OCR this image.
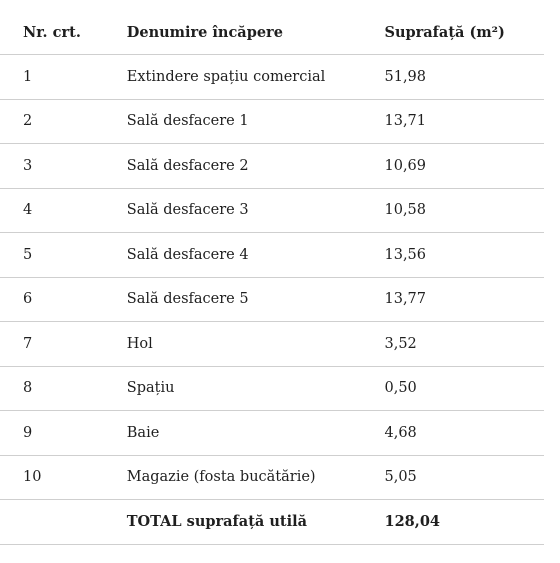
Nr. crt.	Denumire încăpere	Suprafață (m²)
1	Extindere spațiu comercial	51,98
2	Sală desfacere 1	13,71
3	Sală desfacere 2	10,69
4	Sală desfacere 3	10,58
5	Sală desfacere 4	13,56
6	Sală desfacere 5	13,77
7	Hol	3,52
8	Spațiu	0,50
9	Baie	4,68
10	Magazie (fosta bucătărie)	5,05
	TOTAL suprafață utilă	128,04
